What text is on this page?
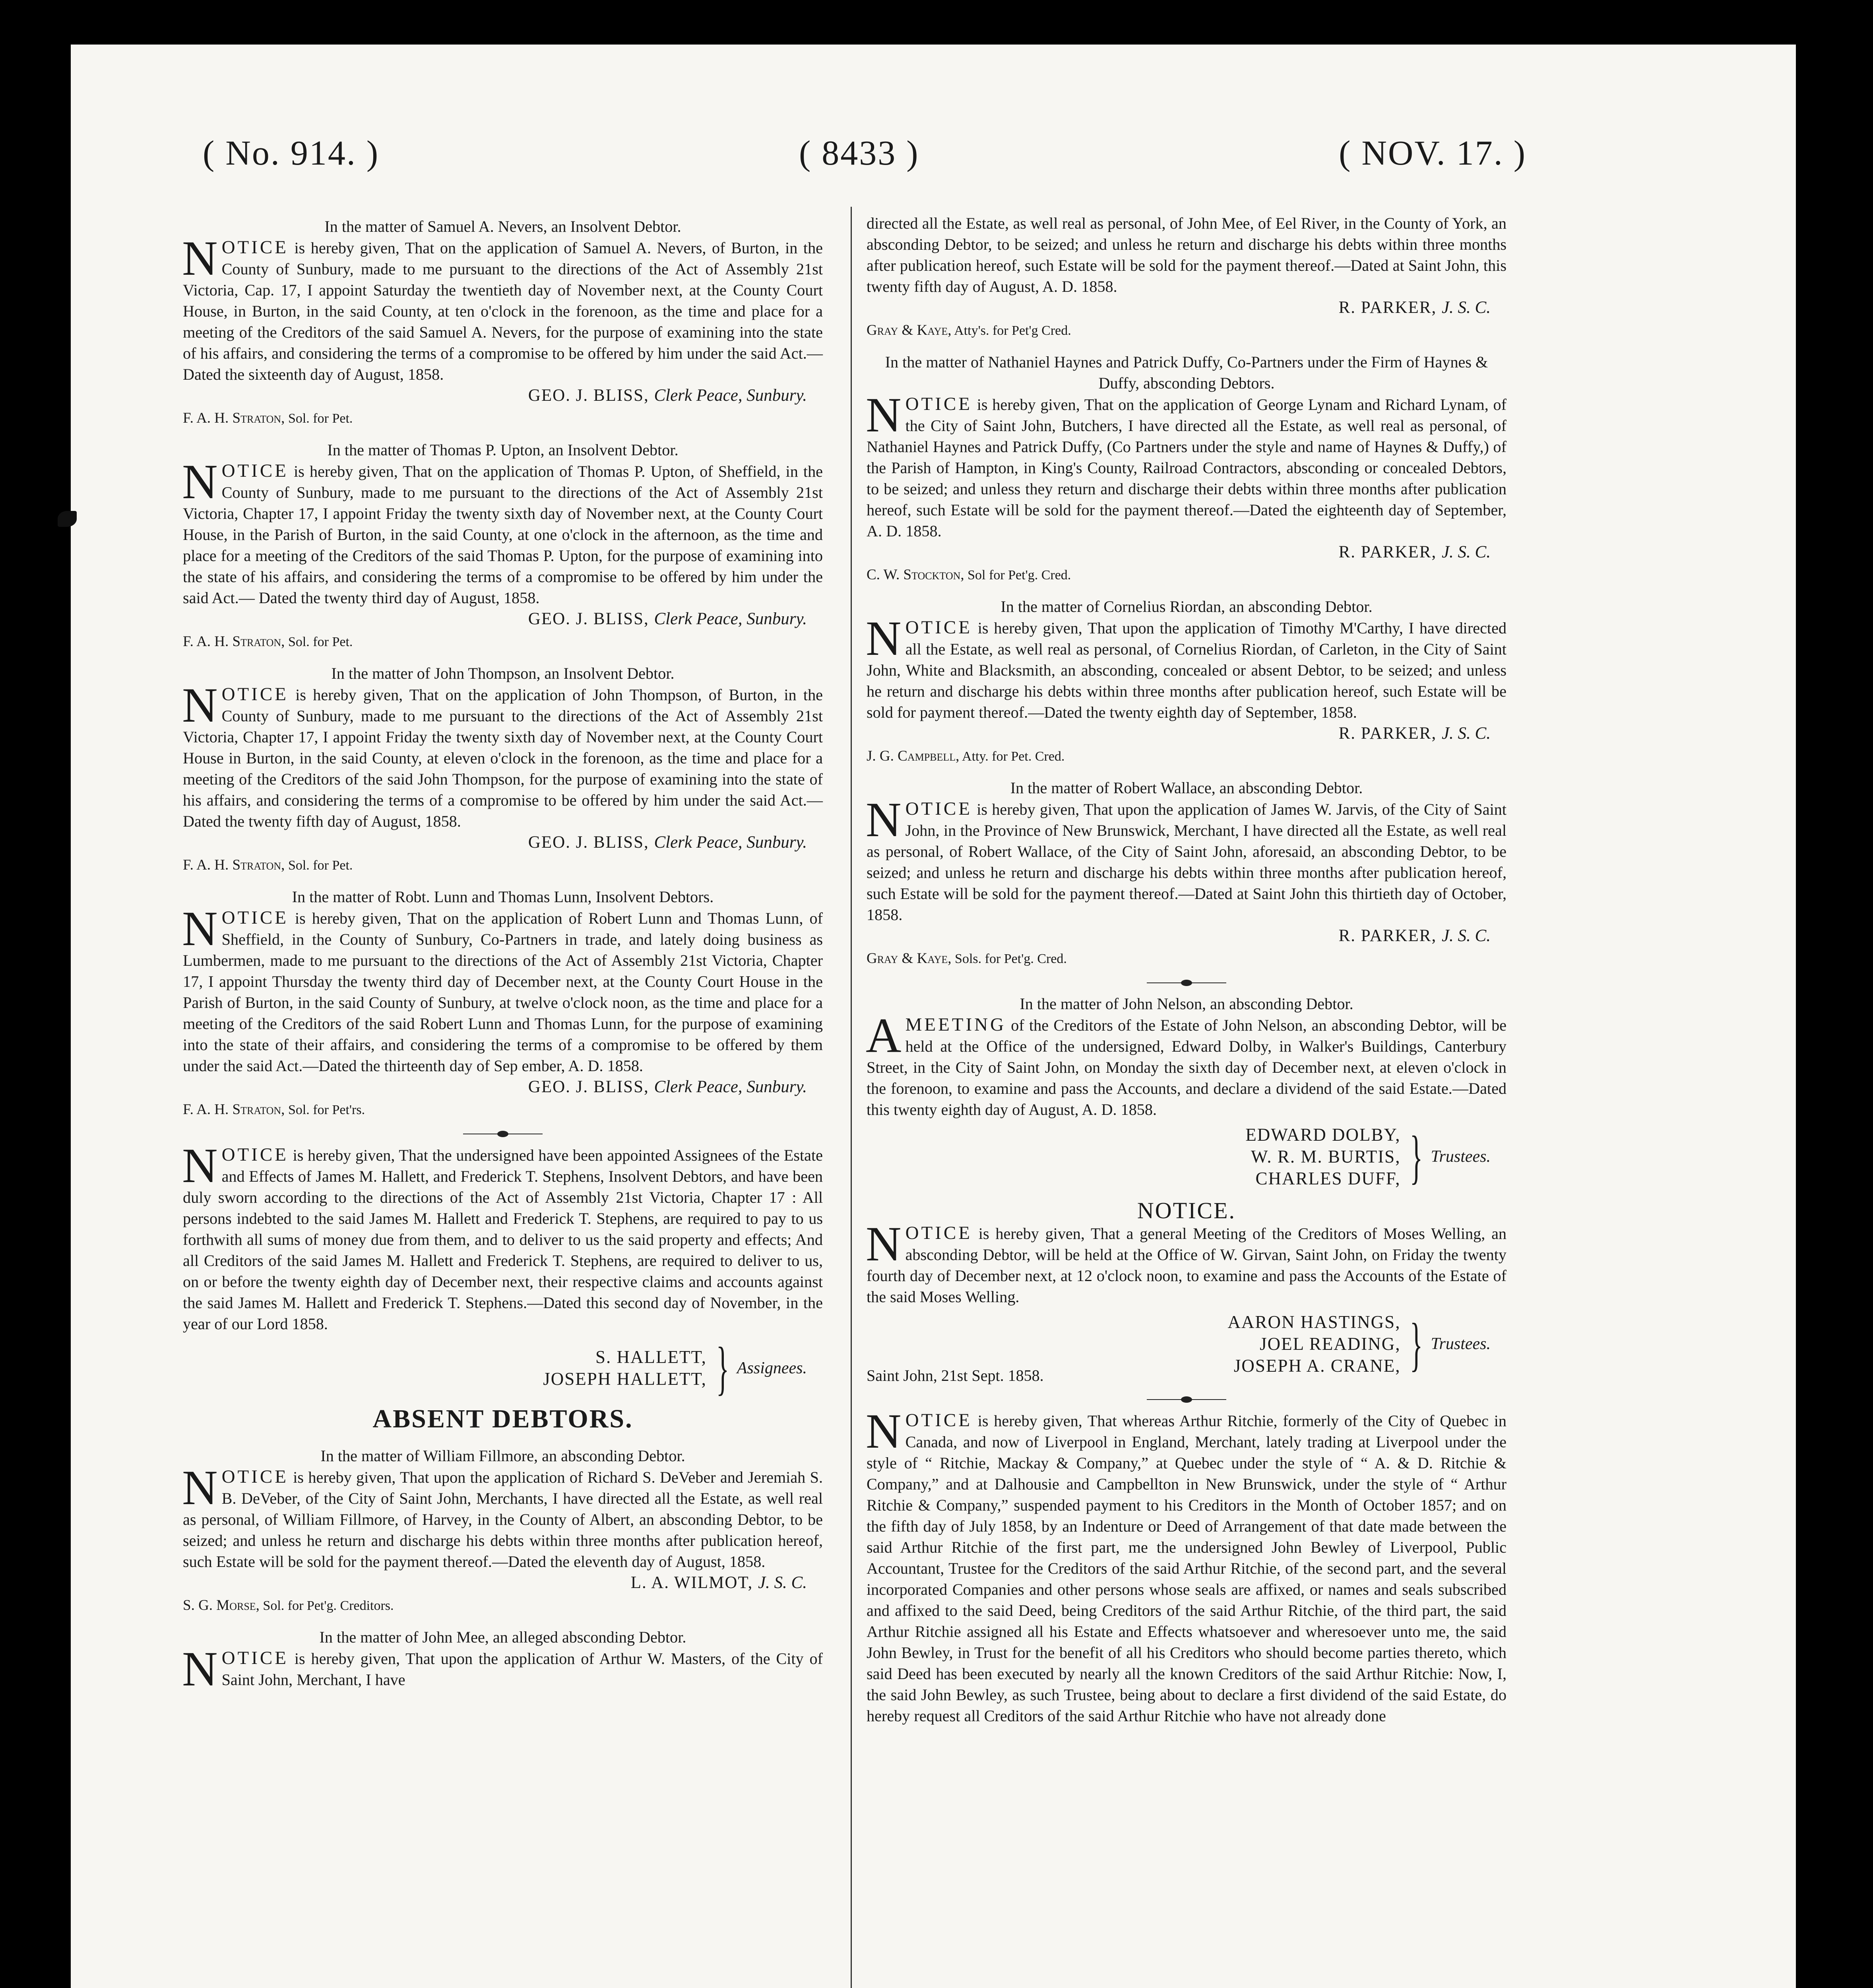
( No. 914. )	( 8433 )	( NOV. 17. )
In the matter of Samuel A. Nevers, an Insolvent Debtor.
NOTICE is hereby given, That on the application of Samuel A. Nevers, of Burton, in the County of Sunbury, made to me pursuant to the directions of the Act of Assembly 21st Victoria, Cap. 17, I appoint Saturday the twentieth day of November next, at the County Court House, in Burton, in the said County, at ten o'clock in the forenoon, as the time and place for a meeting of the Creditors of the said Samuel A. Nevers, for the purpose of examining into the state of his affairs, and considering the terms of a compromise to be offered by him under the said Act.—Dated the sixteenth day of August, 1858.
GEO. J. BLISS, Clerk Peace, Sunbury.
F. A. H. Straton, Sol. for Pet.
In the matter of Thomas P. Upton, an Insolvent Debtor.
NOTICE is hereby given, That on the application of Thomas P. Upton, of Sheffield, in the County of Sunbury, made to me pursuant to the directions of the Act of Assembly 21st Victoria, Chapter 17, I appoint Friday the twenty sixth day of November next, at the County Court House, in the Parish of Burton, in the said County, at one o'clock in the afternoon, as the time and place for a meeting of the Creditors of the said Thomas P. Upton, for the purpose of examining into the state of his affairs, and considering the terms of a compromise to be offered by him under the said Act.— Dated the twenty third day of August, 1858.
GEO. J. BLISS, Clerk Peace, Sunbury.
F. A. H. Straton, Sol. for Pet.
In the matter of John Thompson, an Insolvent Debtor.
NOTICE is hereby given, That on the application of John Thompson, of Burton, in the County of Sunbury, made to me pursuant to the directions of the Act of Assembly 21st Victoria, Chapter 17, I appoint Friday the twenty sixth day of November next, at the County Court House in Burton, in the said County, at eleven o'clock in the forenoon, as the time and place for a meeting of the Creditors of the said John Thompson, for the purpose of examining into the state of his affairs, and considering the terms of a compromise to be offered by him under the said Act.—Dated the twenty fifth day of August, 1858.
GEO. J. BLISS, Clerk Peace, Sunbury.
F. A. H. Straton, Sol. for Pet.
In the matter of Robt. Lunn and Thomas Lunn, Insolvent Debtors.
NOTICE is hereby given, That on the application of Robert Lunn and Thomas Lunn, of Sheffield, in the County of Sunbury, Co-Partners in trade, and lately doing business as Lumbermen, made to me pursuant to the directions of the Act of Assembly 21st Victoria, Chapter 17, I appoint Thursday the twenty third day of December next, at the County Court House in the Parish of Burton, in the said County of Sunbury, at twelve o'clock noon, as the time and place for a meeting of the Creditors of the said Robert Lunn and Thomas Lunn, for the purpose of examining into the state of their affairs, and considering the terms of a compromise to be offered by them under the said Act.—Dated the thirteenth day of Sep ember, A. D. 1858.
GEO. J. BLISS, Clerk Peace, Sunbury.
F. A. H. Straton, Sol. for Pet'rs.
NOTICE is hereby given, That the undersigned have been appointed Assignees of the Estate and Effects of James M. Hallett, and Frederick T. Stephens, Insolvent Debtors, and have been duly sworn according to the directions of the Act of Assembly 21st Victoria, Chapter 17 : All persons indebted to the said James M. Hallett and Frederick T. Stephens, are required to pay to us forthwith all sums of money due from them, and to deliver to us the said property and effects; And all Creditors of the said James M. Hallett and Frederick T. Stephens, are required to deliver to us, on or before the twenty eighth day of December next, their respective claims and accounts against the said James M. Hallett and Frederick T. Stephens.—Dated this second day of November, in the year of our Lord 1858.
S. HALLETT,
JOSEPH HALLETT, } Assignees.
ABSENT DEBTORS.
In the matter of William Fillmore, an absconding Debtor.
NOTICE is hereby given, That upon the application of Richard S. DeVeber and Jeremiah S. B. DeVeber, of the City of Saint John, Merchants, I have directed all the Estate, as well real as personal, of William Fillmore, of Harvey, in the County of Albert, an absconding Debtor, to be seized; and unless he return and discharge his debts within three months after publication hereof, such Estate will be sold for the payment thereof.—Dated the eleventh day of August, 1858.
L. A. WILMOT, J. S. C.
S. G. Morse, Sol. for Pet'g. Creditors.
In the matter of John Mee, an alleged absconding Debtor.
NOTICE is hereby given, That upon the application of Arthur W. Masters, of the City of Saint John, Merchant, I have
directed all the Estate, as well real as personal, of John Mee, of Eel River, in the County of York, an absconding Debtor, to be seized; and unless he return and discharge his debts within three months after publication hereof, such Estate will be sold for the payment thereof.—Dated at Saint John, this twenty fifth day of August, A. D. 1858.
R. PARKER, J. S. C.
Gray & Kaye, Atty's. for Pet'g Cred.
In the matter of Nathaniel Haynes and Patrick Duffy, Co-Partners under the Firm of Haynes & Duffy, absconding Debtors.
NOTICE is hereby given, That on the application of George Lynam and Richard Lynam, of the City of Saint John, Butchers, I have directed all the Estate, as well real as personal, of Nathaniel Haynes and Patrick Duffy, (Co Partners under the style and name of Haynes & Duffy,) of the Parish of Hampton, in King's County, Railroad Contractors, absconding or concealed Debtors, to be seized; and unless they return and discharge their debts within three months after publication hereof, such Estate will be sold for the payment thereof.—Dated the eighteenth day of September, A. D. 1858.
R. PARKER, J. S. C.
C. W. Stockton, Sol for Pet'g. Cred.
In the matter of Cornelius Riordan, an absconding Debtor.
NOTICE is hereby given, That upon the application of Timothy M'Carthy, I have directed all the Estate, as well real as personal, of Cornelius Riordan, of Carleton, in the City of Saint John, White and Blacksmith, an absconding, concealed or absent Debtor, to be seized; and unless he return and discharge his debts within three months after publication hereof, such Estate will be sold for payment thereof.—Dated the twenty eighth day of September, 1858.
R. PARKER, J. S. C.
J. G. Campbell, Atty. for Pet. Cred.
In the matter of Robert Wallace, an absconding Debtor.
NOTICE is hereby given, That upon the application of James W. Jarvis, of the City of Saint John, in the Province of New Brunswick, Merchant, I have directed all the Estate, as well real as personal, of Robert Wallace, of the City of Saint John, aforesaid, an absconding Debtor, to be seized; and unless he return and discharge his debts within three months after publication hereof, such Estate will be sold for the payment thereof.—Dated at Saint John this thirtieth day of October, 1858.
R. PARKER, J. S. C.
Gray & Kaye, Sols. for Pet'g. Cred.
In the matter of John Nelson, an absconding Debtor.
AMEETING of the Creditors of the Estate of John Nelson, an absconding Debtor, will be held at the Office of the undersigned, Edward Dolby, in Walker's Buildings, Canterbury Street, in the City of Saint John, on Monday the sixth day of December next, at eleven o'clock in the forenoon, to examine and pass the Accounts, and declare a dividend of the said Estate.—Dated this twenty eighth day of August, A. D. 1858.
EDWARD DOLBY,
W. R. M. BURTIS,
CHARLES DUFF, } Trustees.
NOTICE.
NOTICE is hereby given, That a general Meeting of the Creditors of Moses Welling, an absconding Debtor, will be held at the Office of W. Girvan, Saint John, on Friday the twenty fourth day of December next, at 12 o'clock noon, to examine and pass the Accounts of the Estate of the said Moses Welling.
AARON HASTINGS,
JOEL READING,
JOSEPH A. CRANE, } Trustees.
Saint John, 21st Sept. 1858.
NOTICE is hereby given, That whereas Arthur Ritchie, formerly of the City of Quebec in Canada, and now of Liverpool in England, Merchant, lately trading at Liverpool under the style of “ Ritchie, Mackay & Company,” at Quebec under the style of “ A. & D. Ritchie & Company,” and at Dalhousie and Campbellton in New Brunswick, under the style of “ Arthur Ritchie & Company,” suspended payment to his Creditors in the Month of October 1857; and on the fifth day of July 1858, by an Indenture or Deed of Arrangement of that date made between the said Arthur Ritchie of the first part, me the undersigned John Bewley of Liverpool, Public Accountant, Trustee for the Creditors of the said Arthur Ritchie, of the second part, and the several incorporated Companies and other persons whose seals are affixed, or names and seals subscribed and affixed to the said Deed, being Creditors of the said Arthur Ritchie, of the third part, the said Arthur Ritchie assigned all his Estate and Effects whatsoever and wheresoever unto me, the said John Bewley, in Trust for the benefit of all his Creditors who should become parties thereto, which said Deed has been executed by nearly all the known Creditors of the said Arthur Ritchie: Now, I, the said John Bewley, as such Trustee, being about to declare a first dividend of the said Estate, do hereby request all Creditors of the said Arthur Ritchie who have not already done
